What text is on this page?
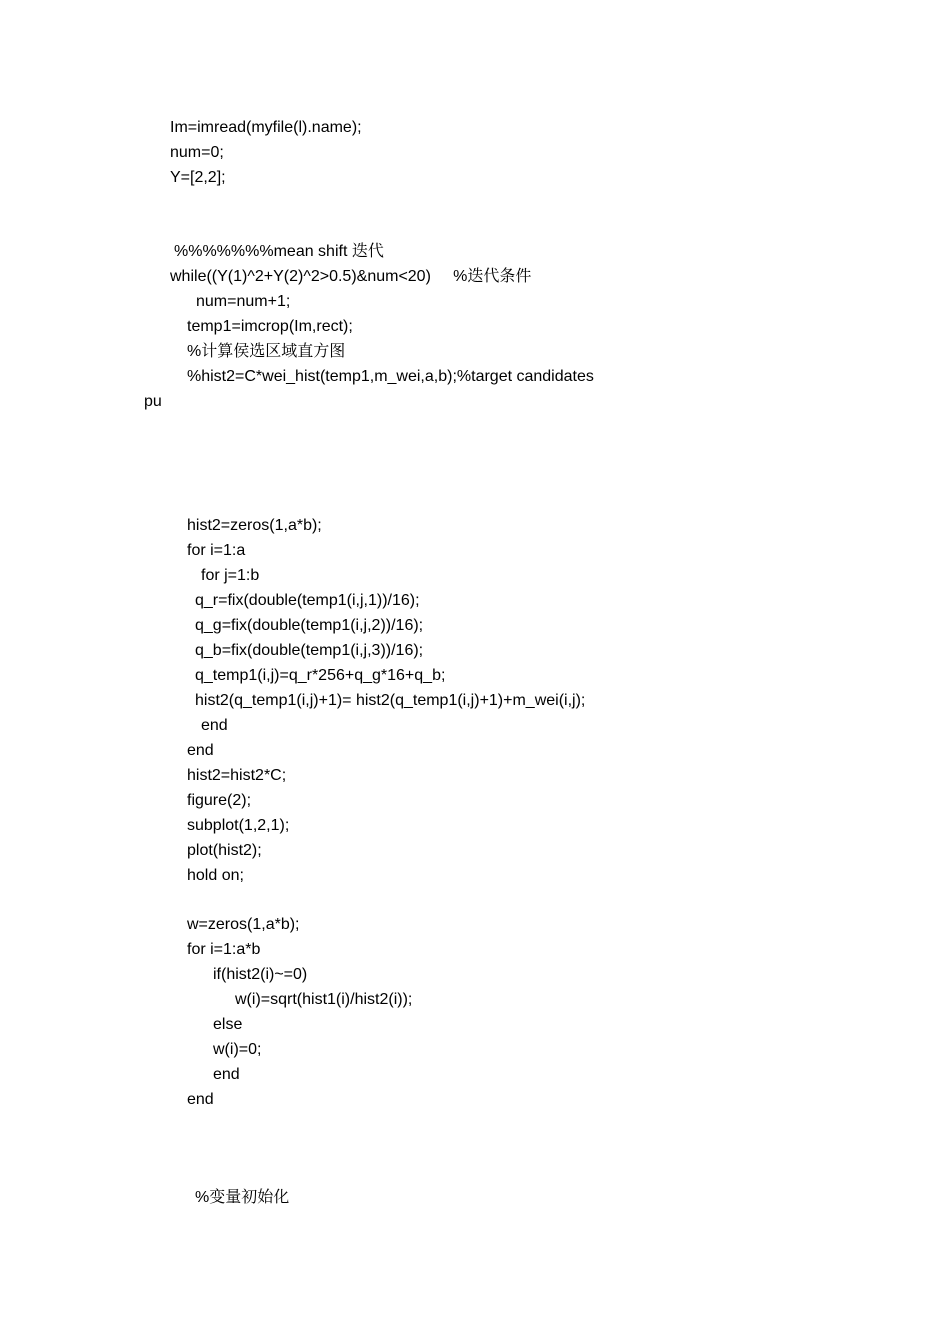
Im=imread(myfile(l).name);
num=0;
Y=[2,2];
%%%%%%%mean shift 迭代
while((Y(1)^2+Y(2)^2>0.5)&num<20)     %迭代条件
num=num+1;
temp1=imcrop(Im,rect);
%计算侯选区域直方图
%hist2=C*wei_hist(temp1,m_wei,a,b);%target candidates
pu
hist2=zeros(1,a*b);
for i=1:a
for j=1:b
q_r=fix(double(temp1(i,j,1))/16);
q_g=fix(double(temp1(i,j,2))/16);
q_b=fix(double(temp1(i,j,3))/16);
q_temp1(i,j)=q_r*256+q_g*16+q_b;
hist2(q_temp1(i,j)+1)= hist2(q_temp1(i,j)+1)+m_wei(i,j);
end
end
hist2=hist2*C;
figure(2);
subplot(1,2,1);
plot(hist2);
hold on;
w=zeros(1,a*b);
for i=1:a*b
if(hist2(i)~=0)
w(i)=sqrt(hist1(i)/hist2(i));
else
w(i)=0;
end
end
%变量初始化
